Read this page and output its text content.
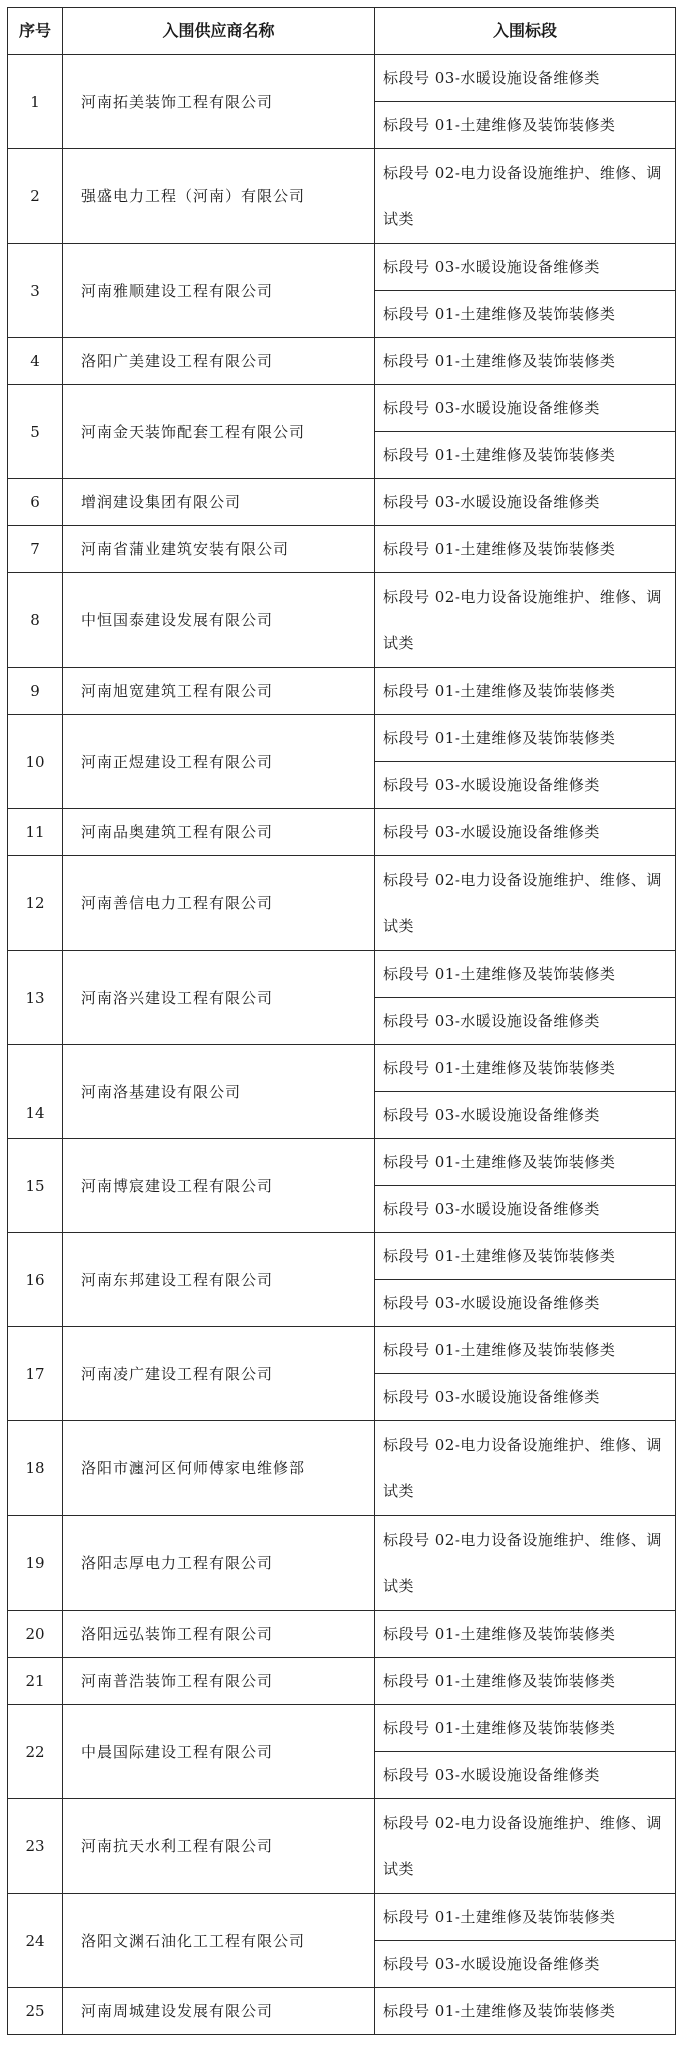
序号	入围供应商名称	入围标段
1	河南拓美装饰工程有限公司	标段号 03-水暖设施设备维修类
		标段号 01-土建维修及装饰装修类
2	强盛电力工程（河南）有限公司	标段号 02-电力设备设施维护、维修、调试类
3	河南雅顺建设工程有限公司	标段号 03-水暖设施设备维修类
		标段号 01-土建维修及装饰装修类
4	洛阳广美建设工程有限公司	标段号 01-土建维修及装饰装修类
5	河南金天装饰配套工程有限公司	标段号 03-水暖设施设备维修类
		标段号 01-土建维修及装饰装修类
6	增润建设集团有限公司	标段号 03-水暖设施设备维修类
7	河南省蒲业建筑安装有限公司	标段号 01-土建维修及装饰装修类
8	中恒国泰建设发展有限公司	标段号 02-电力设备设施维护、维修、调试类
9	河南旭宽建筑工程有限公司	标段号 01-土建维修及装饰装修类
10	河南正煜建设工程有限公司	标段号 01-土建维修及装饰装修类
		标段号 03-水暖设施设备维修类
11	河南品奥建筑工程有限公司	标段号 03-水暖设施设备维修类
12	河南善信电力工程有限公司	标段号 02-电力设备设施维护、维修、调试类
13	河南洛兴建设工程有限公司	标段号 01-土建维修及装饰装修类
		标段号 03-水暖设施设备维修类
14	河南洛基建设有限公司	标段号 01-土建维修及装饰装修类
		标段号 03-水暖设施设备维修类
15	河南博宸建设工程有限公司	标段号 01-土建维修及装饰装修类
		标段号 03-水暖设施设备维修类
16	河南东邦建设工程有限公司	标段号 01-土建维修及装饰装修类
		标段号 03-水暖设施设备维修类
17	河南凌广建设工程有限公司	标段号 01-土建维修及装饰装修类
		标段号 03-水暖设施设备维修类
18	洛阳市瀍河区何师傅家电维修部	标段号 02-电力设备设施维护、维修、调试类
19	洛阳志厚电力工程有限公司	标段号 02-电力设备设施维护、维修、调试类
20	洛阳远弘装饰工程有限公司	标段号 01-土建维修及装饰装修类
21	河南普浩装饰工程有限公司	标段号 01-土建维修及装饰装修类
22	中晨国际建设工程有限公司	标段号 01-土建维修及装饰装修类
		标段号 03-水暖设施设备维修类
23	河南抗天水利工程有限公司	标段号 02-电力设备设施维护、维修、调试类
24	洛阳文渊石油化工工程有限公司	标段号 01-土建维修及装饰装修类
		标段号 03-水暖设施设备维修类
25	河南周城建设发展有限公司	标段号 01-土建维修及装饰装修类
